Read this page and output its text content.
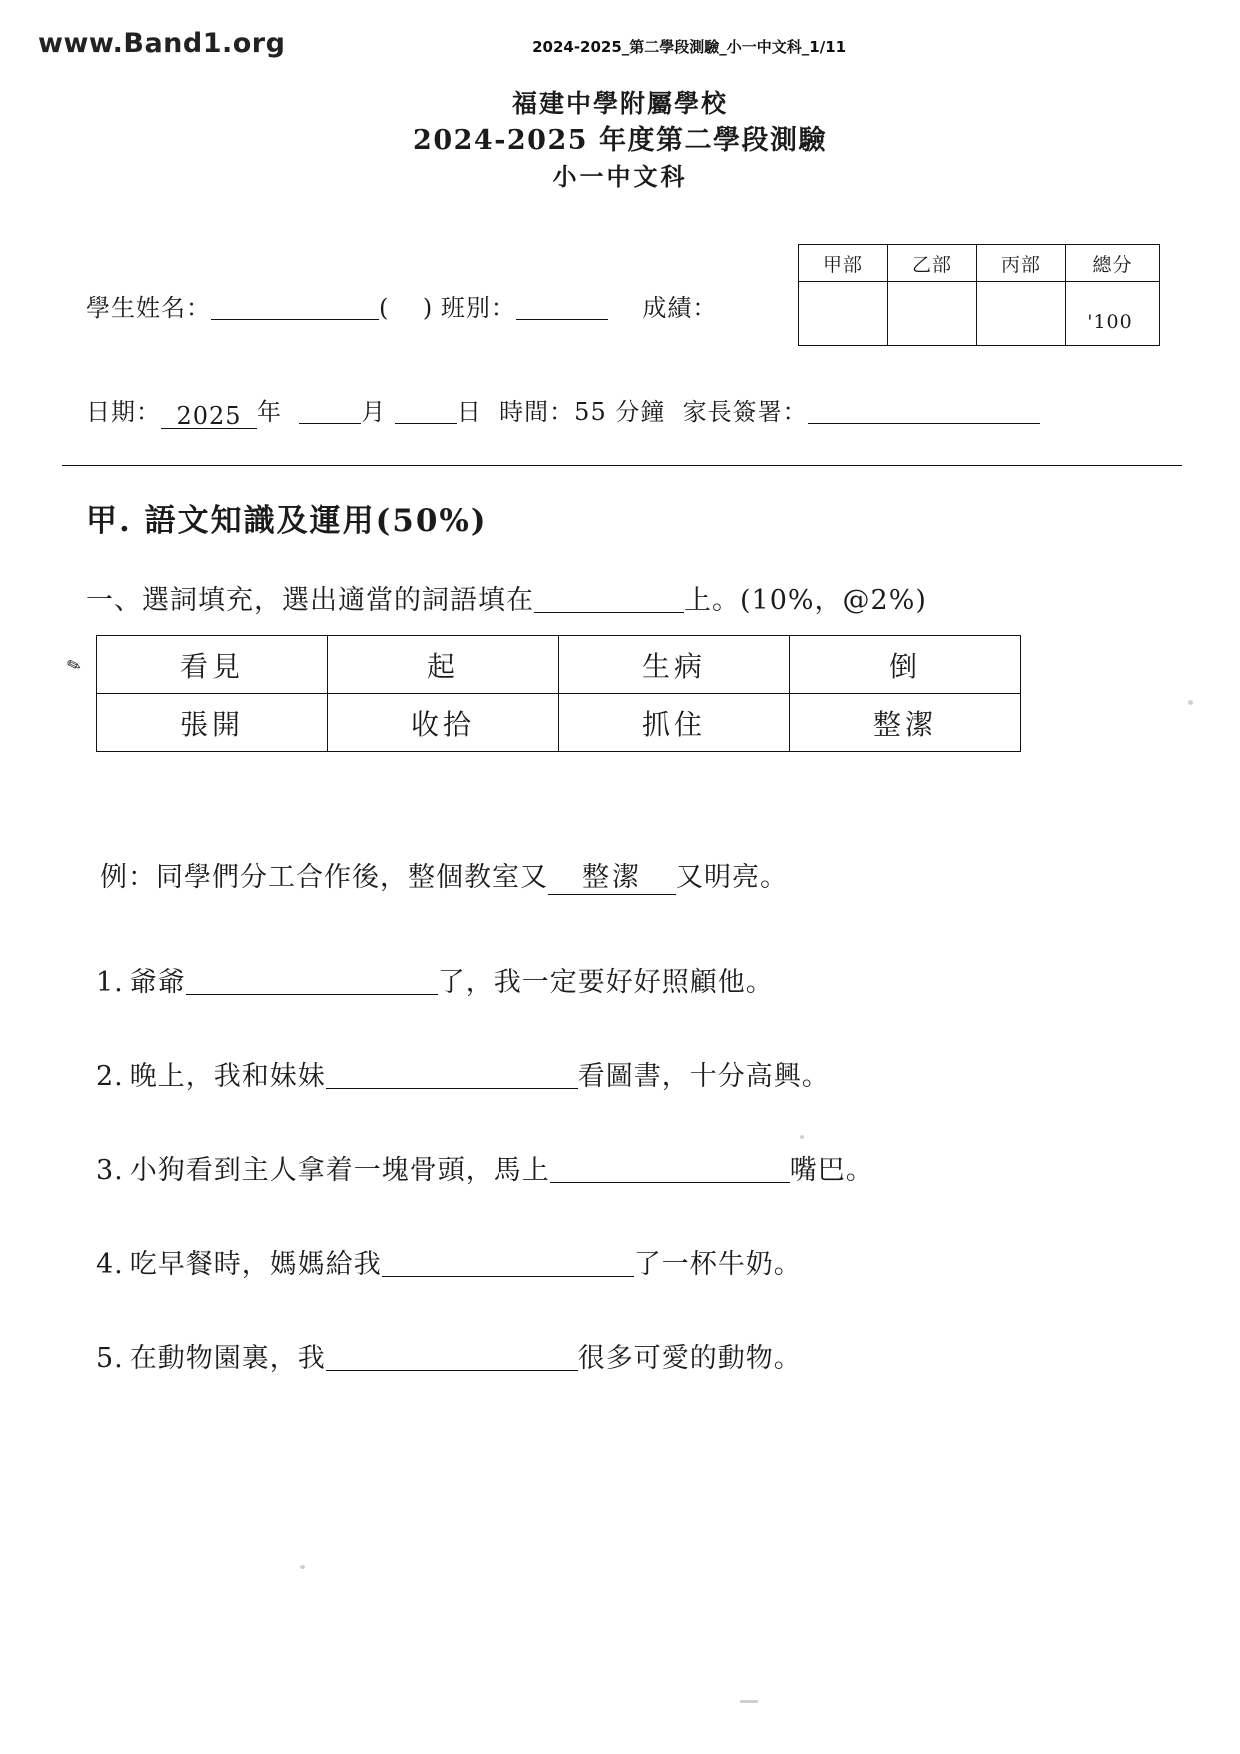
www.Band1.org	2024-2025_第二學段測驗_小一中文科_1/11
福建中學附屬學校
2024-2025 年度第二學段測驗
小一中文科
甲部	乙部	丙部	總分
			'100
學生姓名：	( ) 班別：	成績：
日期： 2025 年	月	日 時間：55 分鐘 家長簽署：
甲. 語文知識及運用(50%)
一、選詞填充，選出適當的詞語填在	上。(10%，@2%)
✎	看見	起	生病	倒
張開	收拾	抓住	整潔
例：同學們分工合作後，整個教室又 整潔 又明亮。
1. 爺爺	了，我一定要好好照顧他。
2. 晚上，我和妹妹	看圖書，十分高興。
3. 小狗看到主人拿着一塊骨頭，馬上	嘴巴。
4. 吃早餐時，媽媽給我	了一杯牛奶。
5. 在動物園裏，我	很多可愛的動物。
